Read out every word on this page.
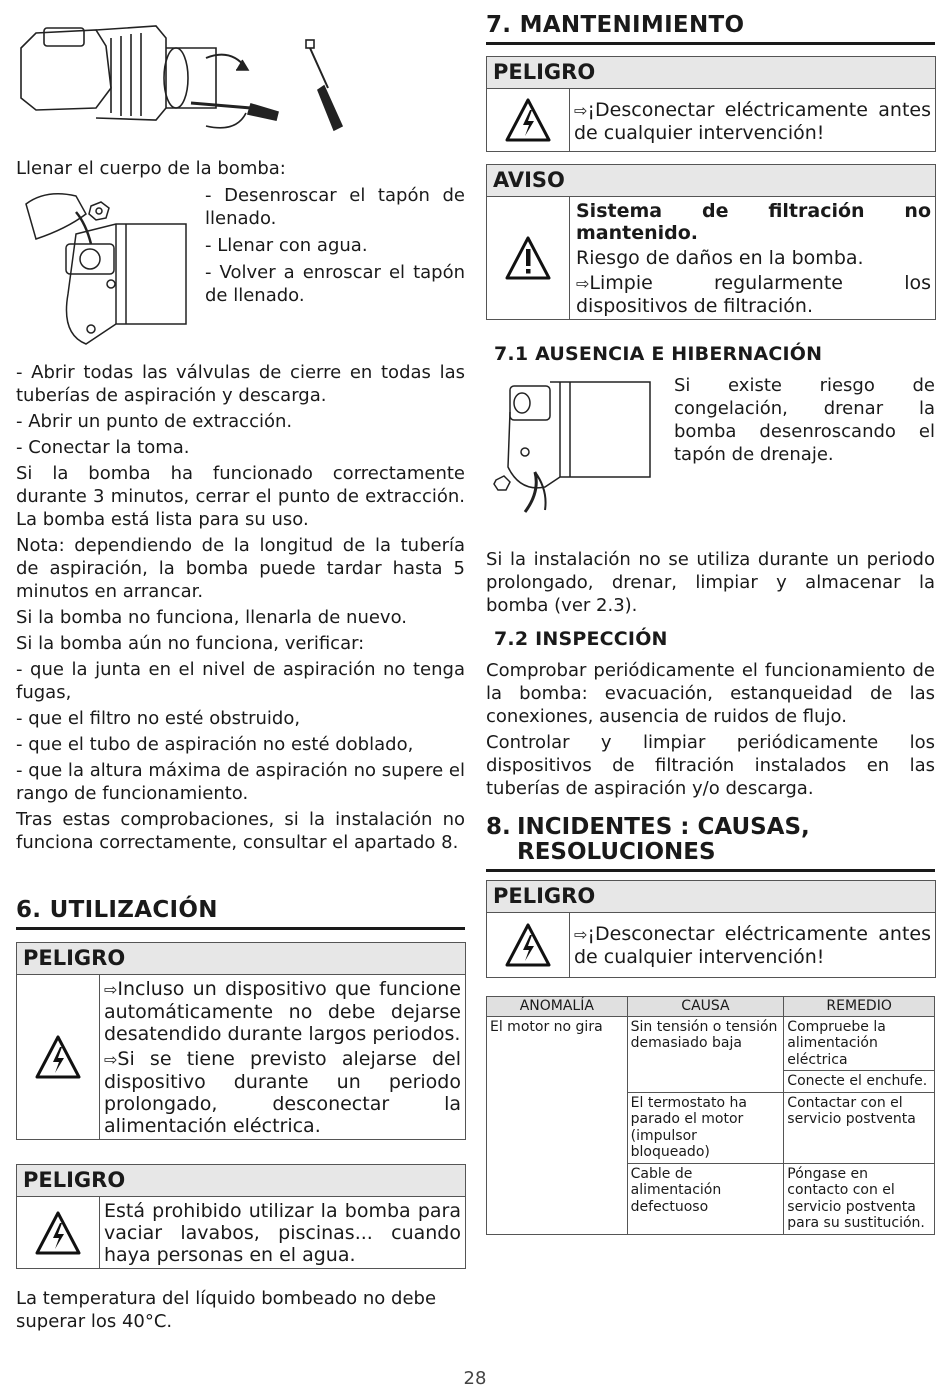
Llenar el cuerpo de la bomba:

- Desenroscar el tapón de llenado.

- Llenar con agua.

- Volver a enroscar el tapón de llenado.

- Abrir todas las válvulas de cierre en todas las tuberías de aspiración y descarga.

- Abrir un punto de extracción.

- Conectar la toma.

Si la bomba ha funcionado correctamente durante 3 minutos, cerrar el punto de extracción. La bomba está lista para su uso.

Nota: dependiendo de la longitud de la tubería de aspiración, la bomba puede tardar hasta 5 minutos en arrancar.

Si la bomba no funciona, llenarla de nuevo.

Si la bomba aún no funciona, verificar:

- que la junta en el nivel de aspiración no tenga fugas,

- que el filtro no esté obstruido,

- que el tubo de aspiración no esté doblado,

- que la altura máxima de aspiración no supere el rango de funcionamiento.

Tras estas comprobaciones, si la instalación no funciona correctamente, consultar el apartado 8.

6. UTILIZACIÓN
PELIGRO
⇨Incluso un dispositivo que funcione automáticamente no debe dejarse desatendido durante largos periodos.
⇨Si se tiene previsto alejarse del dispositivo durante un periodo prolongado, desconectar la alimentación eléctrica.
PELIGRO
Está prohibido utilizar la bomba para vaciar lavabos, piscinas... cuando haya personas en el agua.

La temperatura del líquido bombeado no debe superar los 40°C.

7. MANTENIMIENTO
PELIGRO
⇨¡Desconectar eléctricamente antes de cualquier intervención!
AVISO
Sistema de filtración no mantenido.
Riesgo de daños en la bomba.
⇨Limpie regularmente los dispositivos de filtración.
7.1 AUSENCIA E HIBERNACIÓN

Si existe riesgo de congelación, drenar la bomba desenroscando el tapón de drenaje.

Si la instalación no se utiliza durante un periodo prolongado, drenar, limpiar y almacenar la bomba (ver 2.3).

7.2 INSPECCIÓN

Comprobar periódicamente el funcionamiento de la bomba: evacuación, estanqueidad de las conexiones, ausencia de ruidos de flujo.

Controlar y limpiar periódicamente los dispositivos de filtración instalados en las tuberías de aspiración y/o descarga.

8. INCIDENTES : CAUSAS,
RESOLUCIONES
PELIGRO
⇨¡Desconectar eléctricamente antes de cualquier intervención!
ANOMALÍA	CAUSA	REMEDIO
El motor no gira	Sin tensión o tensión demasiado baja	Compruebe la alimentación eléctrica
		Conecte el enchufe.
	El termostato ha parado el motor (impulsor bloqueado)	Contactar con el servicio postventa
	Cable de alimentación defectuoso	Póngase en contacto con el servicio postventa para su sustitución.

28
